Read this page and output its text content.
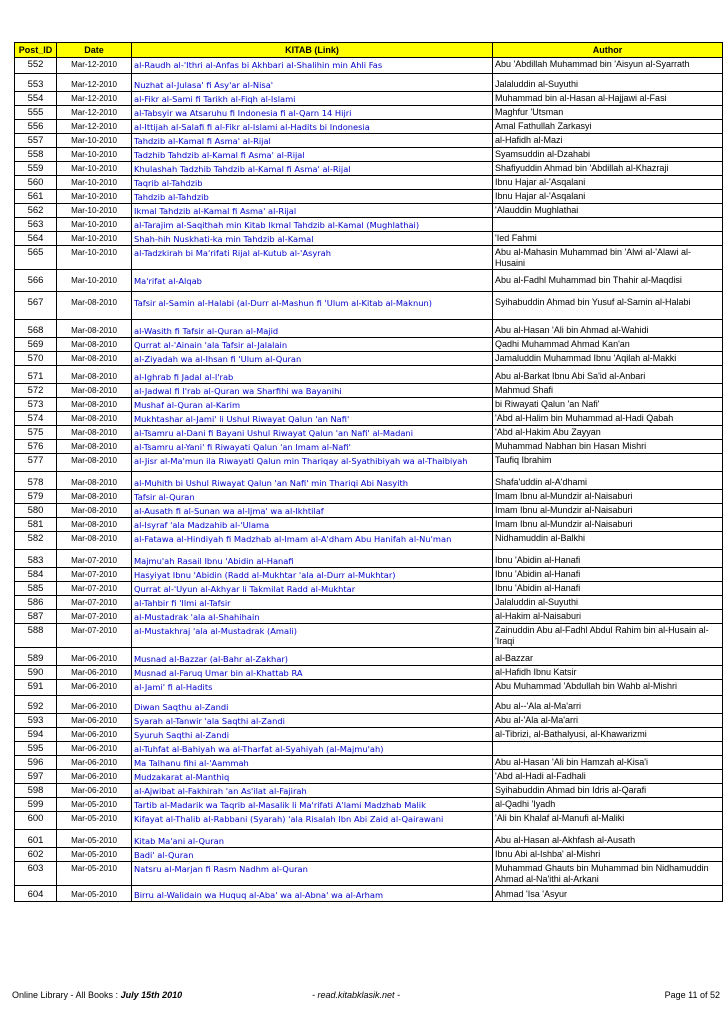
Post_ID	Date	KITAB (Link)	Author
552	Mar-12-2010	al-Raudh al-'Ithri al-Anfas bi Akhbari al-Shalihin min Ahli Fas	Abu 'Abdillah Muhammad bin 'Aisyun al-Syarrath
553	Mar-12-2010	Nuzhat al-Julasa' fi Asy'ar al-Nisa'	Jalaluddin al-Suyuthi
554	Mar-12-2010	al-Fikr al-Sami fi Tarikh al-Fiqh al-Islami	Muhammad bin al-Hasan al-Hajjawi al-Fasi
555	Mar-12-2010	al-Tabsyir wa Atsaruhu fi Indonesia fi al-Qarn 14 Hijri	Maghfur 'Utsman
556	Mar-12-2010	al-Ittijah al-Salafi fi al-Fikr al-Islami al-Hadits bi Indonesia	Amal Fathullah Zarkasyi
557	Mar-10-2010	Tahdzib al-Kamal fi Asma' al-Rijal	al-Hafidh al-Mazi
558	Mar-10-2010	Tadzhib Tahdzib al-Kamal fi Asma' al-Rijal	Syamsuddin al-Dzahabi
559	Mar-10-2010	Khulashah Tadzhib Tahdzib al-Kamal fi Asma' al-Rijal	Shafiyuddin Ahmad bin 'Abdillah al-Khazraji
560	Mar-10-2010	Taqrib al-Tahdzib	Ibnu Hajar al-'Asqalani
561	Mar-10-2010	Tahdzib al-Tahdzib	Ibnu Hajar al-'Asqalani
562	Mar-10-2010	Ikmal Tahdzib al-Kamal fi Asma' al-Rijal	'Alauddin Mughlathai
563	Mar-10-2010	al-Tarajim al-Saqithah min Kitab Ikmal Tahdzib al-Kamal (Mughlathai)	
564	Mar-10-2010	Shah-hih Nuskhati-ka min Tahdzib al-Kamal	'Ied Fahmi
565	Mar-10-2010	al-Tadzkirah bi Ma'rifati Rijal al-Kutub al-'Asyrah	Abu al-Mahasin Muhammad bin 'Alwi al-'Alawi al-Husaini
566	Mar-10-2010	Ma'rifat al-Alqab	Abu al-Fadhl Muhammad bin Thahir al-Maqdisi
567	Mar-08-2010	Tafsir al-Samin al-Halabi (al-Durr al-Mashun fi 'Ulum al-Kitab al-Maknun)	Syihabuddin Ahmad bin Yusuf al-Samin al-Halabi
568	Mar-08-2010	al-Wasith fi Tafsir al-Quran al-Majid	Abu al-Hasan 'Ali bin Ahmad al-Wahidi
569	Mar-08-2010	Qurrat al-'Ainain 'ala Tafsir al-Jalalain	Qadhi Muhammad Ahmad Kan'an
570	Mar-08-2010	al-Ziyadah wa al-Ihsan fi 'Ulum al-Quran	Jamaluddin Muhammad Ibnu 'Aqilah al-Makki
571	Mar-08-2010	al-Ighrab fi Jadal al-I'rab	Abu al-Barkat Ibnu Abi Sa'id al-Anbari
572	Mar-08-2010	al-Jadwal fi I'rab al-Quran wa Sharfihi wa Bayanihi	Mahmud Shafi
573	Mar-08-2010	Mushaf al-Quran al-Karim	bi Riwayati Qalun 'an Nafi'
574	Mar-08-2010	Mukhtashar al-Jami' li Ushul Riwayat Qalun 'an Nafi'	'Abd al-Halim bin Muhammad al-Hadi Qabah
575	Mar-08-2010	al-Tsamru al-Dani fi Bayani Ushul Riwayat Qalun 'an Nafi' al-Madani	'Abd al-Hakim Abu Zayyan
576	Mar-08-2010	al-Tsamru al-Yani' fi Riwayati Qalun 'an Imam al-Nafi'	Muhammad Nabhan bin Hasan Mishri
577	Mar-08-2010	al-Jisr al-Ma'mun ila Riwayati Qalun min Thariqay al-Syathibiyah wa al-Thaibiyah	Taufiq Ibrahim
578	Mar-08-2010	al-Muhith bi Ushul Riwayat Qalun 'an Nafi' min Thariqi Abi Nasyith	Shafa'uddin al-A'dhami
579	Mar-08-2010	Tafsir al-Quran	Imam Ibnu al-Mundzir al-Naisaburi
580	Mar-08-2010	al-Ausath fi al-Sunan wa al-Ijma' wa al-Ikhtilaf	Imam Ibnu al-Mundzir al-Naisaburi
581	Mar-08-2010	al-Isyraf 'ala Madzahib al-'Ulama	Imam Ibnu al-Mundzir al-Naisaburi
582	Mar-08-2010	al-Fatawa al-Hindiyah fi Madzhab al-Imam al-A'dham Abu Hanifah al-Nu'man	Nidhamuddin al-Balkhi
583	Mar-07-2010	Majmu'ah Rasail Ibnu 'Abidin al-Hanafi	Ibnu 'Abidin al-Hanafi
584	Mar-07-2010	Hasyiyat Ibnu 'Abidin (Radd al-Mukhtar 'ala al-Durr al-Mukhtar)	Ibnu 'Abidin al-Hanafi
585	Mar-07-2010	Qurrat al-'Uyun al-Akhyar li Takmilat Radd al-Mukhtar	Ibnu 'Abidin al-Hanafi
586	Mar-07-2010	al-Tahbir fi 'Ilmi al-Tafsir	Jalaluddin al-Suyuthi
587	Mar-07-2010	al-Mustadrak 'ala al-Shahihain	al-Hakim al-Naisaburi
588	Mar-07-2010	al-Mustakhraj 'ala al-Mustadrak (Amali)	Zainuddin Abu al-Fadhl Abdul Rahim bin al-Husain al-'Iraqi
589	Mar-06-2010	Musnad al-Bazzar (al-Bahr al-Zakhar)	al-Bazzar
590	Mar-06-2010	Musnad al-Faruq Umar bin al-Khattab RA	al-Hafidh Ibnu Katsir
591	Mar-06-2010	al-Jami' fi al-Hadits	Abu Muhammad 'Abdullah bin Wahb al-Mishri
592	Mar-06-2010	Diwan Saqthu al-Zandi	Abu al--'Ala al-Ma'arri
593	Mar-06-2010	Syarah al-Tanwir 'ala Saqthi al-Zandi	Abu al-'Ala al-Ma'arri
594	Mar-06-2010	Syuruh Saqthi al-Zandi	al-Tibrizi, al-Bathalyusi, al-Khawarizmi
595	Mar-06-2010	al-Tuhfat al-Bahiyah wa al-Tharfat al-Syahiyah (al-Majmu'ah)	
596	Mar-06-2010	Ma Talhanu fihi al-'Aammah	Abu al-Hasan 'Ali bin Hamzah al-Kisa'i
597	Mar-06-2010	Mudzakarat al-Manthiq	'Abd al-Hadi al-Fadhali
598	Mar-06-2010	al-Ajwibat al-Fakhirah 'an As'ilat al-Fajirah	Syihabuddin Ahmad bin Idris al-Qarafi
599	Mar-05-2010	Tartib al-Madarik wa Taqrib al-Masalik li Ma'rifati A'lami Madzhab Malik	al-Qadhi 'Iyadh
600	Mar-05-2010	Kifayat al-Thalib al-Rabbani (Syarah) 'ala Risalah Ibn Abi Zaid al-Qairawani	'Ali bin Khalaf al-Manufi al-Maliki
601	Mar-05-2010	Kitab Ma'ani al-Quran	Abu al-Hasan al-Akhfash al-Ausath
602	Mar-05-2010	Badi' al-Quran	Ibnu Abi al-Ishba' al-Mishri
603	Mar-05-2010	Natsru al-Marjan fi Rasm Nadhm al-Quran	Muhammad Ghauts bin Muhammad bin Nidhamuddin Ahmad al-Na'ithi al-Arkani
604	Mar-05-2010	Birru al-Walidain wa Huquq al-Aba' wa al-Abna' wa al-Arham	Ahmad 'Isa 'Asyur
Online Library - All Books : July 15th 2010	- read.kitabklasik.net -	Page 11 of 52
